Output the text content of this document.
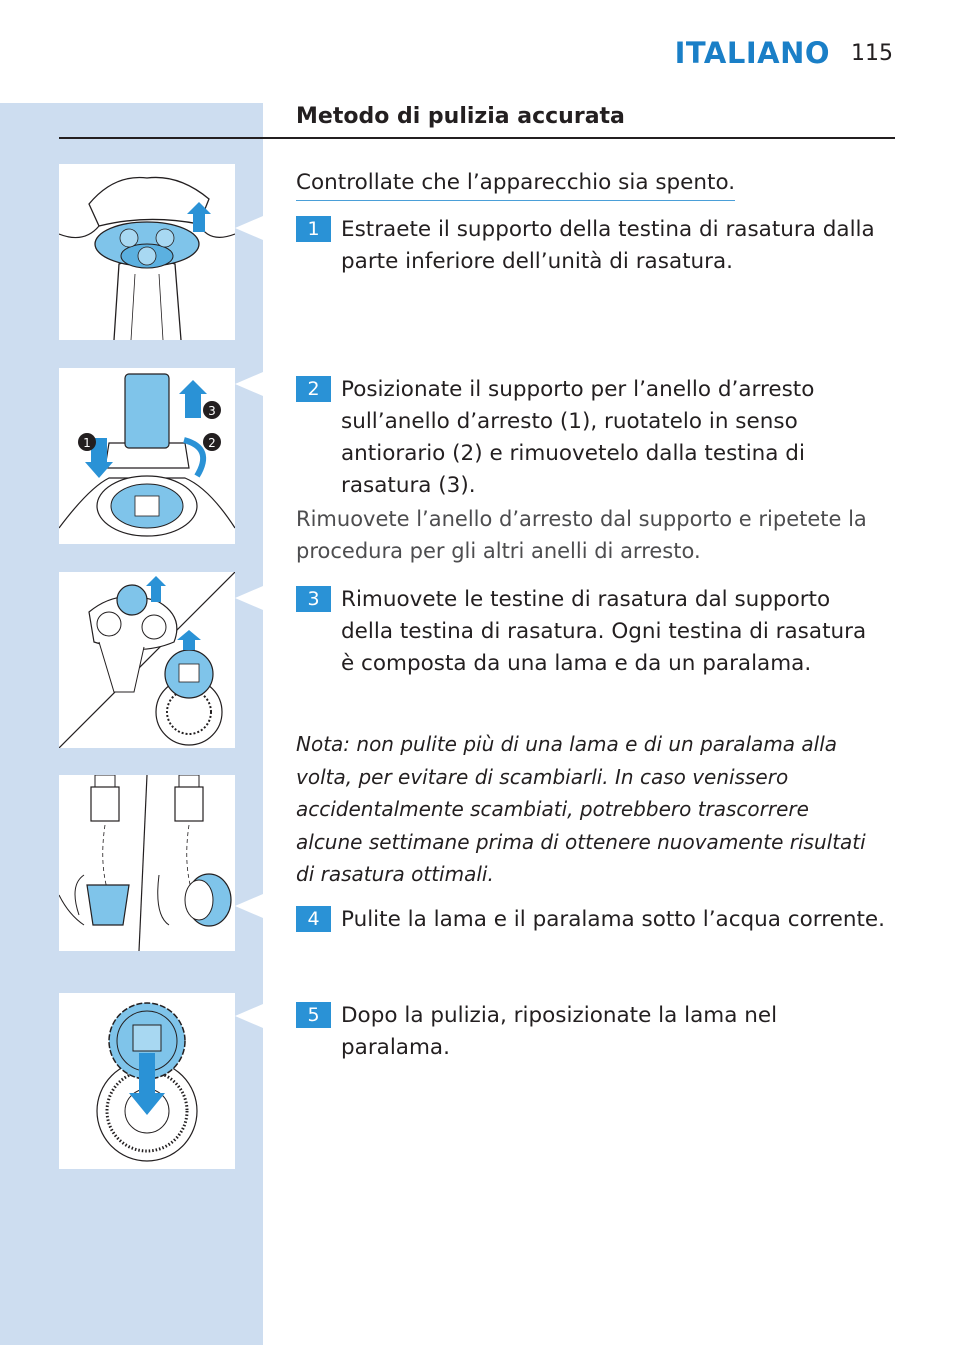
ITALIANO 115
Metodo di pulizia accurata
Controllate che l’apparecchio sia spento.
1	2
3
1 Estraete il supporto della testina di rasatura dalla parte inferiore dell’unità di rasatura.
2 Posizionate il supporto per l’anello d’arresto sull’anello d’arresto (1), ruotatelo in senso antiorario (2) e rimuovetelo dalla testina di rasatura (3).
Rimuovete l’anello d’arresto dal supporto e ripetete la procedura per gli altri anelli di arresto.
3 Rimuovete le testine di rasatura dal supporto della testina di rasatura. Ogni testina di rasatura è composta da una lama e da un paralama.
Nota: non pulite più di una lama e di un paralama alla volta, per evitare di scambiarli. In caso venissero accidentalmente scambiati, potrebbero trascorrere alcune settimane prima di ottenere nuovamente risultati di rasatura ottimali.
4 Pulite la lama e il paralama sotto l’acqua corrente.
5 Dopo la pulizia, riposizionate la lama nel paralama.
